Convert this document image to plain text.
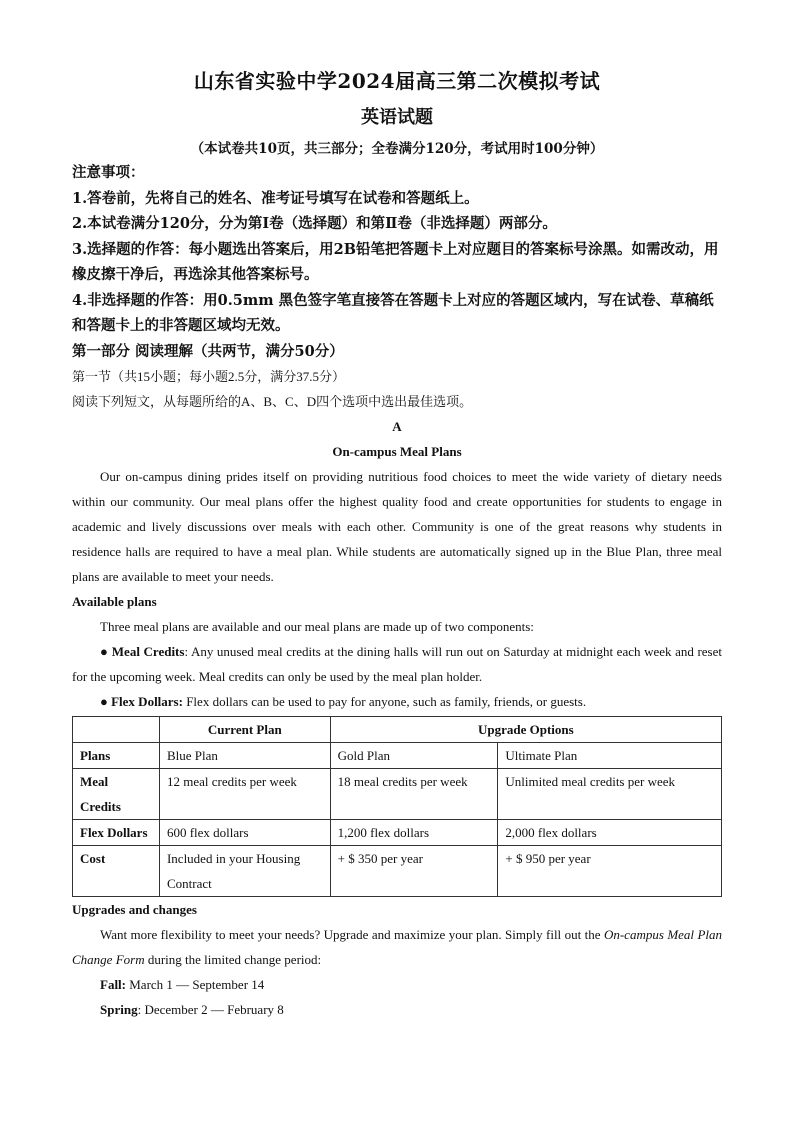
山东省实验中学2024届高三第二次模拟考试
英语试题
（本试卷共10页，共三部分；全卷满分120分，考试用时100分钟）
注意事项：
1.答卷前，先将自己的姓名、准考证号填写在试卷和答题纸上。
2.本试卷满分120分，分为第Ⅰ卷（选择题）和第Ⅱ卷（非选择题）两部分。
3.选择题的作答：每小题选出答案后，用2B铅笔把答题卡上对应题目的答案标号涂黑。如需改动，用橡皮擦干净后，再选涂其他答案标号。
4.非选择题的作答：用0.5mm 黑色签字笔直接答在答题卡上对应的答题区域内，写在试卷、草稿纸和答题卡上的非答题区域均无效。
第一部分 阅读理解（共两节，满分50分）
第一节（共15小题；每小题2.5分，满分37.5分）
阅读下列短文，从每题所给的A、B、C、D四个选项中选出最佳选项。
A
On-campus Meal Plans

Our on-campus dining prides itself on providing nutritious food choices to meet the wide variety of dietary needs within our community. Our meal plans offer the highest quality food and create opportunities for students to engage in academic and lively discussions over meals with each other. Community is one of the great reasons why students in residence halls are required to have a meal plan. While students are automatically signed up in the Blue Plan, three meal plans are available to meet your needs.

Available plans

Three meal plans are available and our meal plans are made up of two components:

● Meal Credits: Any unused meal credits at the dining halls will run out on Saturday at midnight each week and reset for the upcoming week. Meal credits can only be used by the meal plan holder.

● Flex Dollars: Flex dollars can be used to pay for anyone, such as family, friends, or guests.

	Current Plan	Upgrade Options	
Plans	Blue Plan	Gold Plan	Ultimate Plan
Meal Credits	12 meal credits per week	18 meal credits per week	Unlimited meal credits per week
Flex Dollars	600 flex dollars	1,200 flex dollars	2,000 flex dollars
Cost	Included in your Housing Contract	+ $ 350 per year	+ $ 950 per year
Upgrades and changes

Want more flexibility to meet your needs? Upgrade and maximize your plan. Simply fill out the On-campus Meal Plan Change Form during the limited change period:

Fall: March 1 — September 14
Spring: December 2 — February 8
